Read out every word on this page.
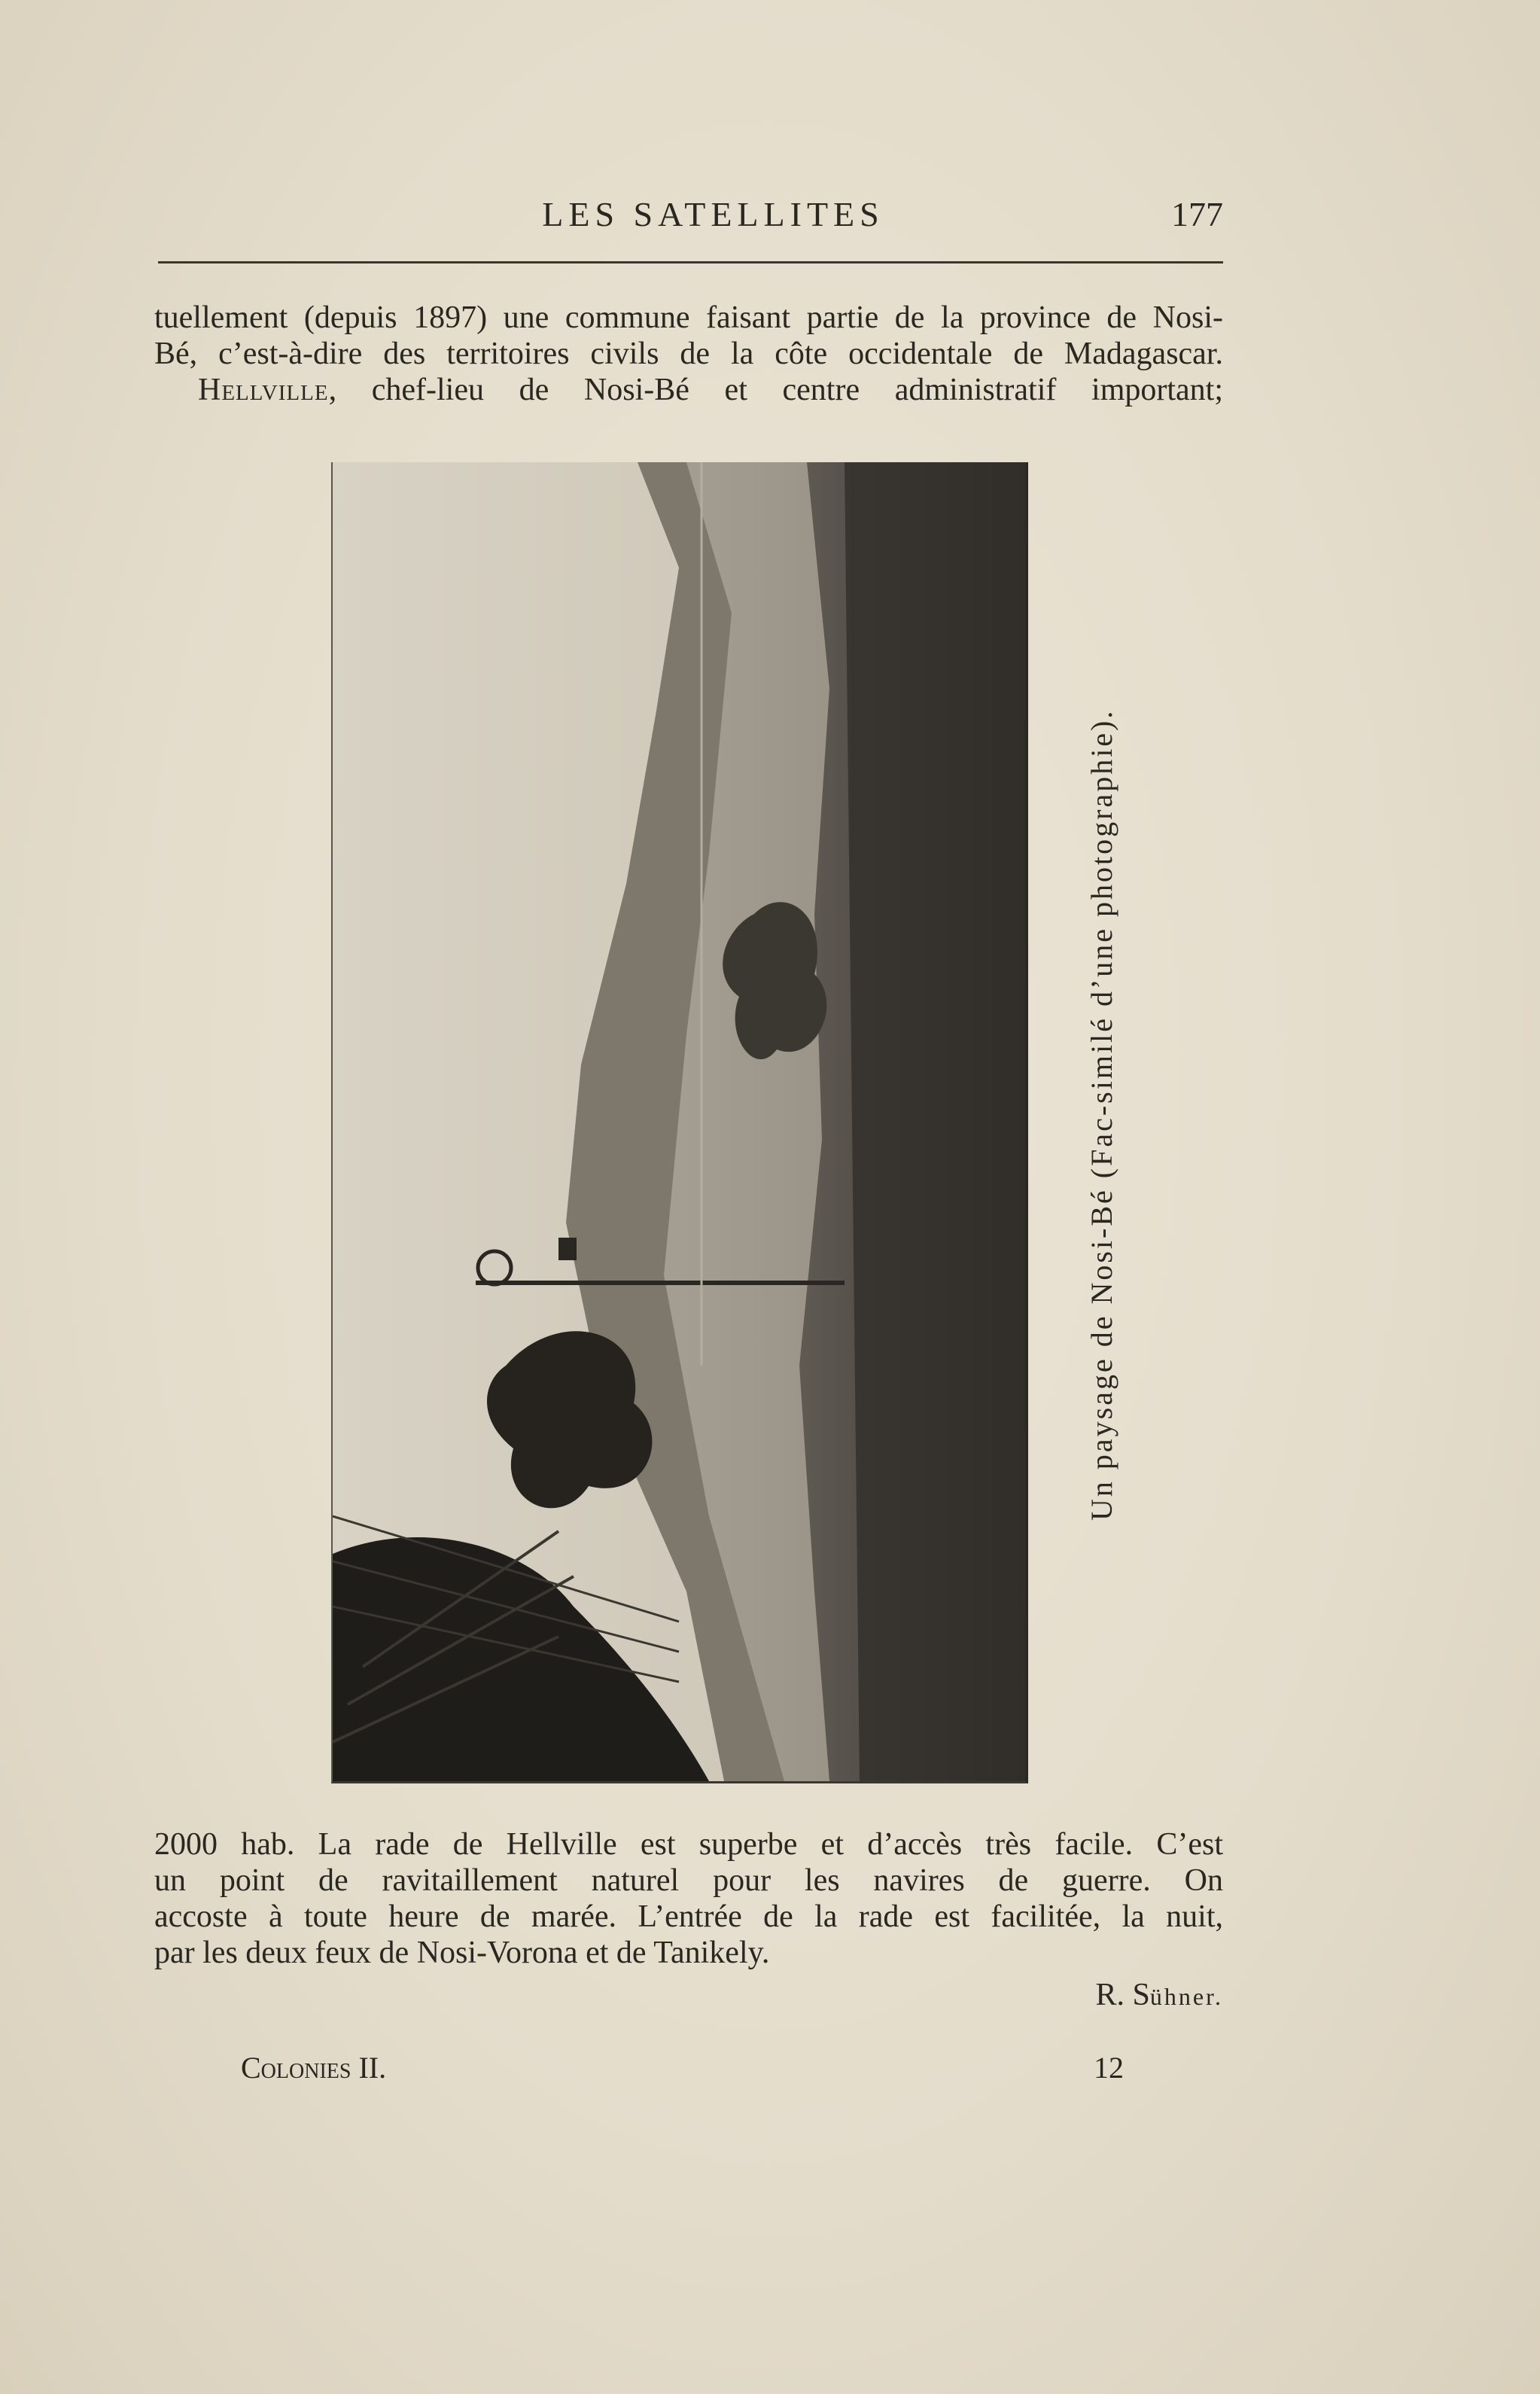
LES SATELLITES	177
tuellement (depuis 1897) une commune faisant partie de la province de Nosi-
Bé, c’est-à-dire des territoires civils de la côte occidentale de Madagascar.
Hellville, chef-lieu de Nosi-Bé et centre administratif important;
Un paysage de Nosi-Bé (Fac-similé d’une photographie).
2000 hab. La rade de Hellville est superbe et d’accès très facile. C’est
un point de ravitaillement naturel pour les navires de guerre. On
accoste à toute heure de marée. L’entrée de la rade est facilitée, la nuit,
par les deux feux de Nosi-Vorona et de Tanikely.
R. Sühner.
Colonies II.	12
